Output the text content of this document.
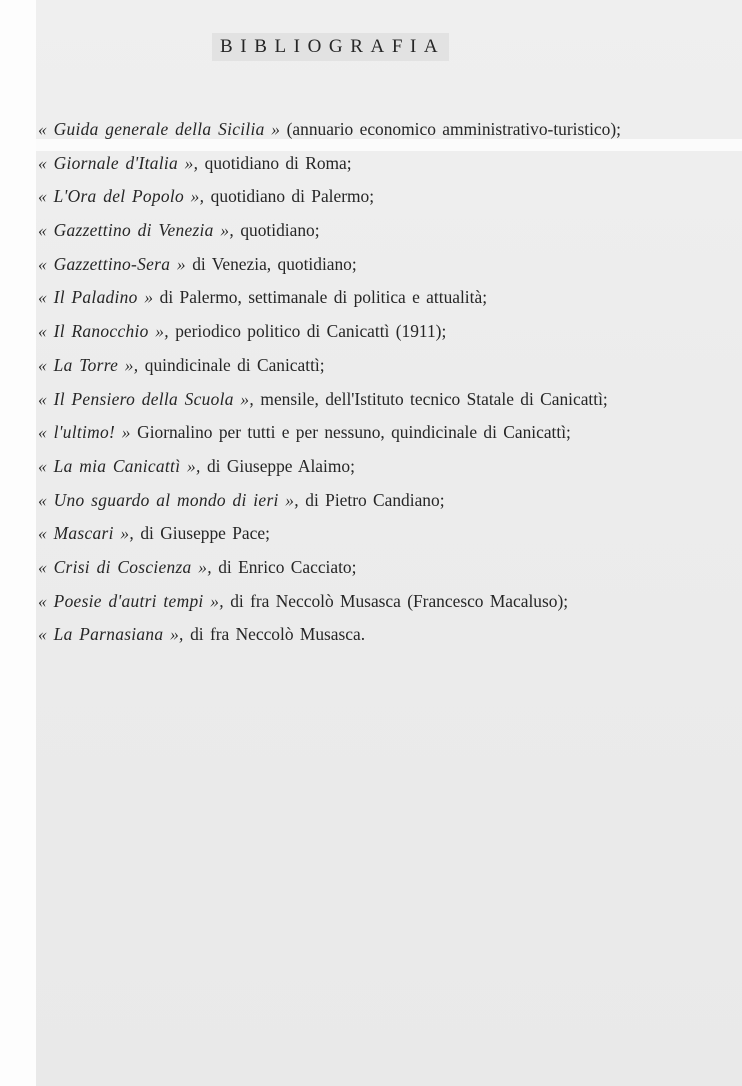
BIBLIOGRAFIA
« Guida generale della Sicilia » (annuario economico amministrativo-turistico);
« Giornale d'Italia », quotidiano di Roma;
« L'Ora del Popolo », quotidiano di Palermo;
« Gazzettino di Venezia », quotidiano;
« Gazzettino-Sera » di Venezia, quotidiano;
« Il Paladino » di Palermo, settimanale di politica e attualità;
« Il Ranocchio », periodico politico di Canicattì (1911);
« La Torre », quindicinale di Canicattì;
« Il Pensiero della Scuola », mensile, dell'Istituto tecnico Statale di Canicattì;
« l'ultimo! » Giornalino per tutti e per nessuno, quindicinale di Canicattì;
« La mia Canicattì », di Giuseppe Alaimo;
« Uno sguardo al mondo di ieri », di Pietro Candiano;
« Mascari », di Giuseppe Pace;
« Crisi di Coscienza », di Enrico Cacciato;
« Poesie d'autri tempi », di fra Neccolò Musasca (Francesco Macaluso);
« La Parnasiana », di fra Neccolò Musasca.
